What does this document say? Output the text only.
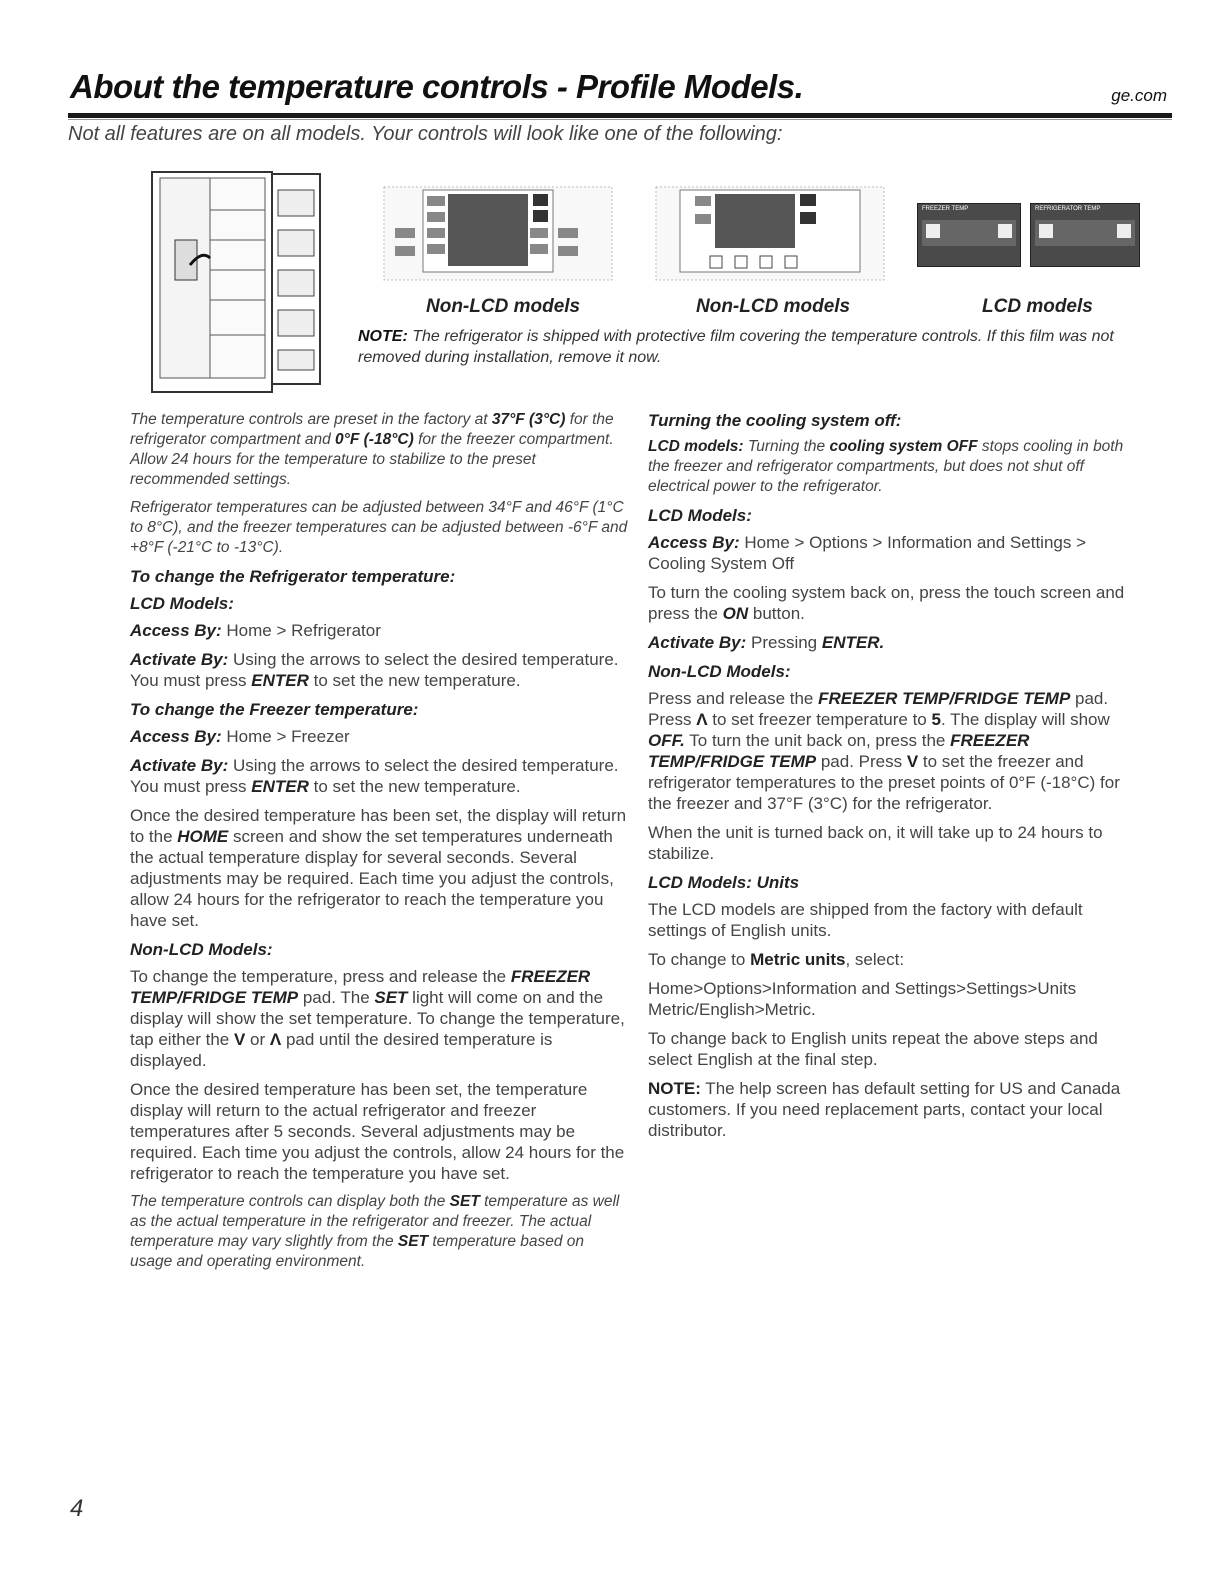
About the temperature controls - Profile Models.	ge.com
Not all features are on all models. Your controls will look like one of the following:
FREEZER TEMP	REFRIGERATOR TEMP
Non-LCD models	Non-LCD models	LCD models
NOTE: The refrigerator is shipped with protective film covering the temperature controls. If this film was not removed during installation, remove it now.

The temperature controls are preset in the factory at 37°F (3°C) for the refrigerator compartment and 0°F (-18°C) for the freezer compartment. Allow 24 hours for the temperature to stabilize to the preset recommended settings.

Refrigerator temperatures can be adjusted between 34°F and 46°F (1°C to 8°C), and the freezer temperatures can be adjusted between -6°F and +8°F (-21°C to -13°C).

To change the Refrigerator temperature:
LCD Models:

Access By: Home > Refrigerator

Activate By: Using the arrows to select the desired temperature. You must press ENTER to set the new temperature.

To change the Freezer temperature:

Access By: Home > Freezer

Activate By: Using the arrows to select the desired temperature. You must press ENTER to set the new temperature.

Once the desired temperature has been set, the display will return to the HOME screen and show the set temperatures underneath the actual temperature display for several seconds. Several adjustments may be required. Each time you adjust the controls, allow 24 hours for the refrigerator to reach the temperature you have set.

Non-LCD Models:

To change the temperature, press and release the FREEZER TEMP/FRIDGE TEMP pad. The SET light will come on and the display will show the set temperature. To change the temperature, tap either the V or Λ pad until the desired temperature is displayed.

Once the desired temperature has been set, the temperature display will return to the actual refrigerator and freezer temperatures after 5 seconds. Several adjustments may be required. Each time you adjust the controls, allow 24 hours for the refrigerator to reach the temperature you have set.

The temperature controls can display both the SET temperature as well as the actual temperature in the refrigerator and freezer. The actual temperature may vary slightly from the SET temperature based on usage and operating environment.

Turning the cooling system off:

LCD models: Turning the cooling system OFF stops cooling in both the freezer and refrigerator compartments, but does not shut off electrical power to the refrigerator.

LCD Models:

Access By: Home > Options > Information and Settings > Cooling System Off

To turn the cooling system back on, press the touch screen and press the ON button.

Activate By: Pressing ENTER.

Non-LCD Models:

Press and release the FREEZER TEMP/FRIDGE TEMP pad. Press Λ to set freezer temperature to 5. The display will show OFF. To turn the unit back on, press the FREEZER TEMP/FRIDGE TEMP pad. Press V to set the freezer and refrigerator temperatures to the preset points of 0°F (-18°C) for the freezer and 37°F (3°C) for the refrigerator.

When the unit is turned back on, it will take up to 24 hours to stabilize.

LCD Models: Units

The LCD models are shipped from the factory with default settings of English units.

To change to Metric units, select:

Home>Options>Information and Settings>Settings>Units

Metric/English>Metric.

To change back to English units repeat the above steps and select English at the final step.

NOTE: The help screen has default setting for US and Canada customers. If you need replacement parts, contact your local distributor.

4
